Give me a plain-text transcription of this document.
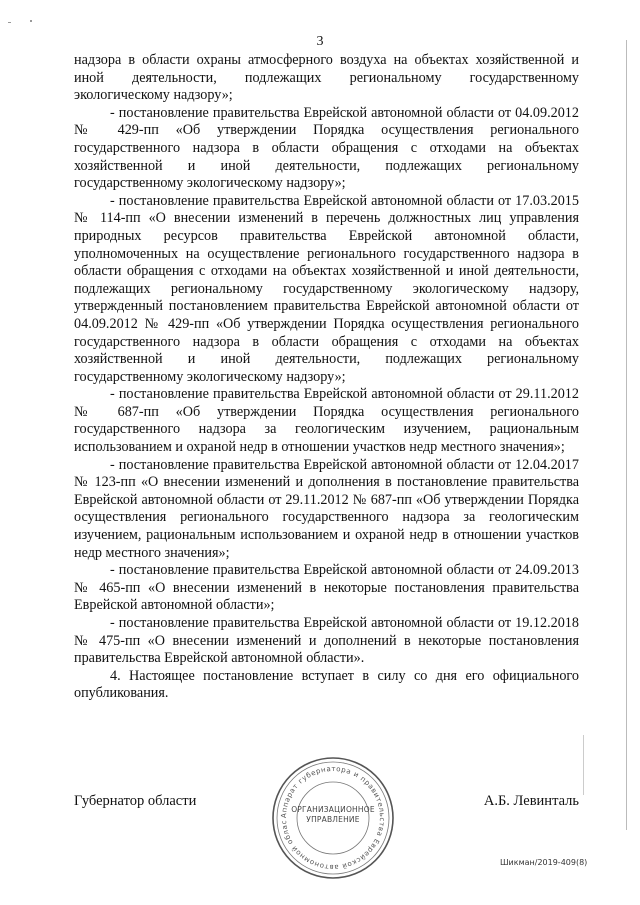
3

надзора в области охраны атмосферного воздуха на объектах хозяйственной и иной деятельности, подлежащих региональному государственному экологическому надзору»;

- постановление правительства Еврейской автономной области от 04.09.2012 № 429-пп «Об утверждении Порядка осуществления регионального государственного надзора в области обращения с отходами на объектах хозяйственной и иной деятельности, подлежащих региональному государственному экологическому надзору»;

- постановление правительства Еврейской автономной области от 17.03.2015 № 114-пп «О внесении изменений в перечень должностных лиц управления природных ресурсов правительства Еврейской автономной области, уполномоченных на осуществление регионального государственного надзора в области обращения с отходами на объектах хозяйственной и иной деятельности, подлежащих региональному государственному экологическому надзору, утвержденный постановлением правительства Еврейской автономной области от 04.09.2012 № 429-пп «Об утверждении Порядка осуществления регионального государственного надзора в области обращения с отходами на объектах хозяйственной и иной деятельности, подлежащих региональному государственному экологическому надзору»;

- постановление правительства Еврейской автономной области от 29.11.2012 № 687-пп «Об утверждении Порядка осуществления регионального государственного надзора за геологическим изучением, рациональным использованием и охраной недр в отношении участков недр местного значения»;

- постановление правительства Еврейской автономной области от 12.04.2017 № 123-пп «О внесении изменений и дополнения в постановление правительства Еврейской автономной области от 29.11.2012 № 687-пп «Об утверждении Порядка осуществления регионального государственного надзора за геологическим изучением, рациональным использованием и охраной недр в отношении участков недр местного значения»;

- постановление правительства Еврейской автономной области от 24.09.2013 № 465-пп «О внесении изменений в некоторые постановления правительства Еврейской автономной области»;

- постановление правительства Еврейской автономной области от 19.12.2018 № 475-пп «О внесении изменений и дополнений в некоторые постановления правительства Еврейской автономной области».

4. Настоящее постановление вступает в силу со дня его официального опубликования.

Губернатор области	А.Б. Левинталь
Аппарат губернатора и правительства Еврейской автономной облас
ОРГАНИЗАЦИОННОЕ
УПРАВЛЕНИЕ
Шикман/2019-409(8)
